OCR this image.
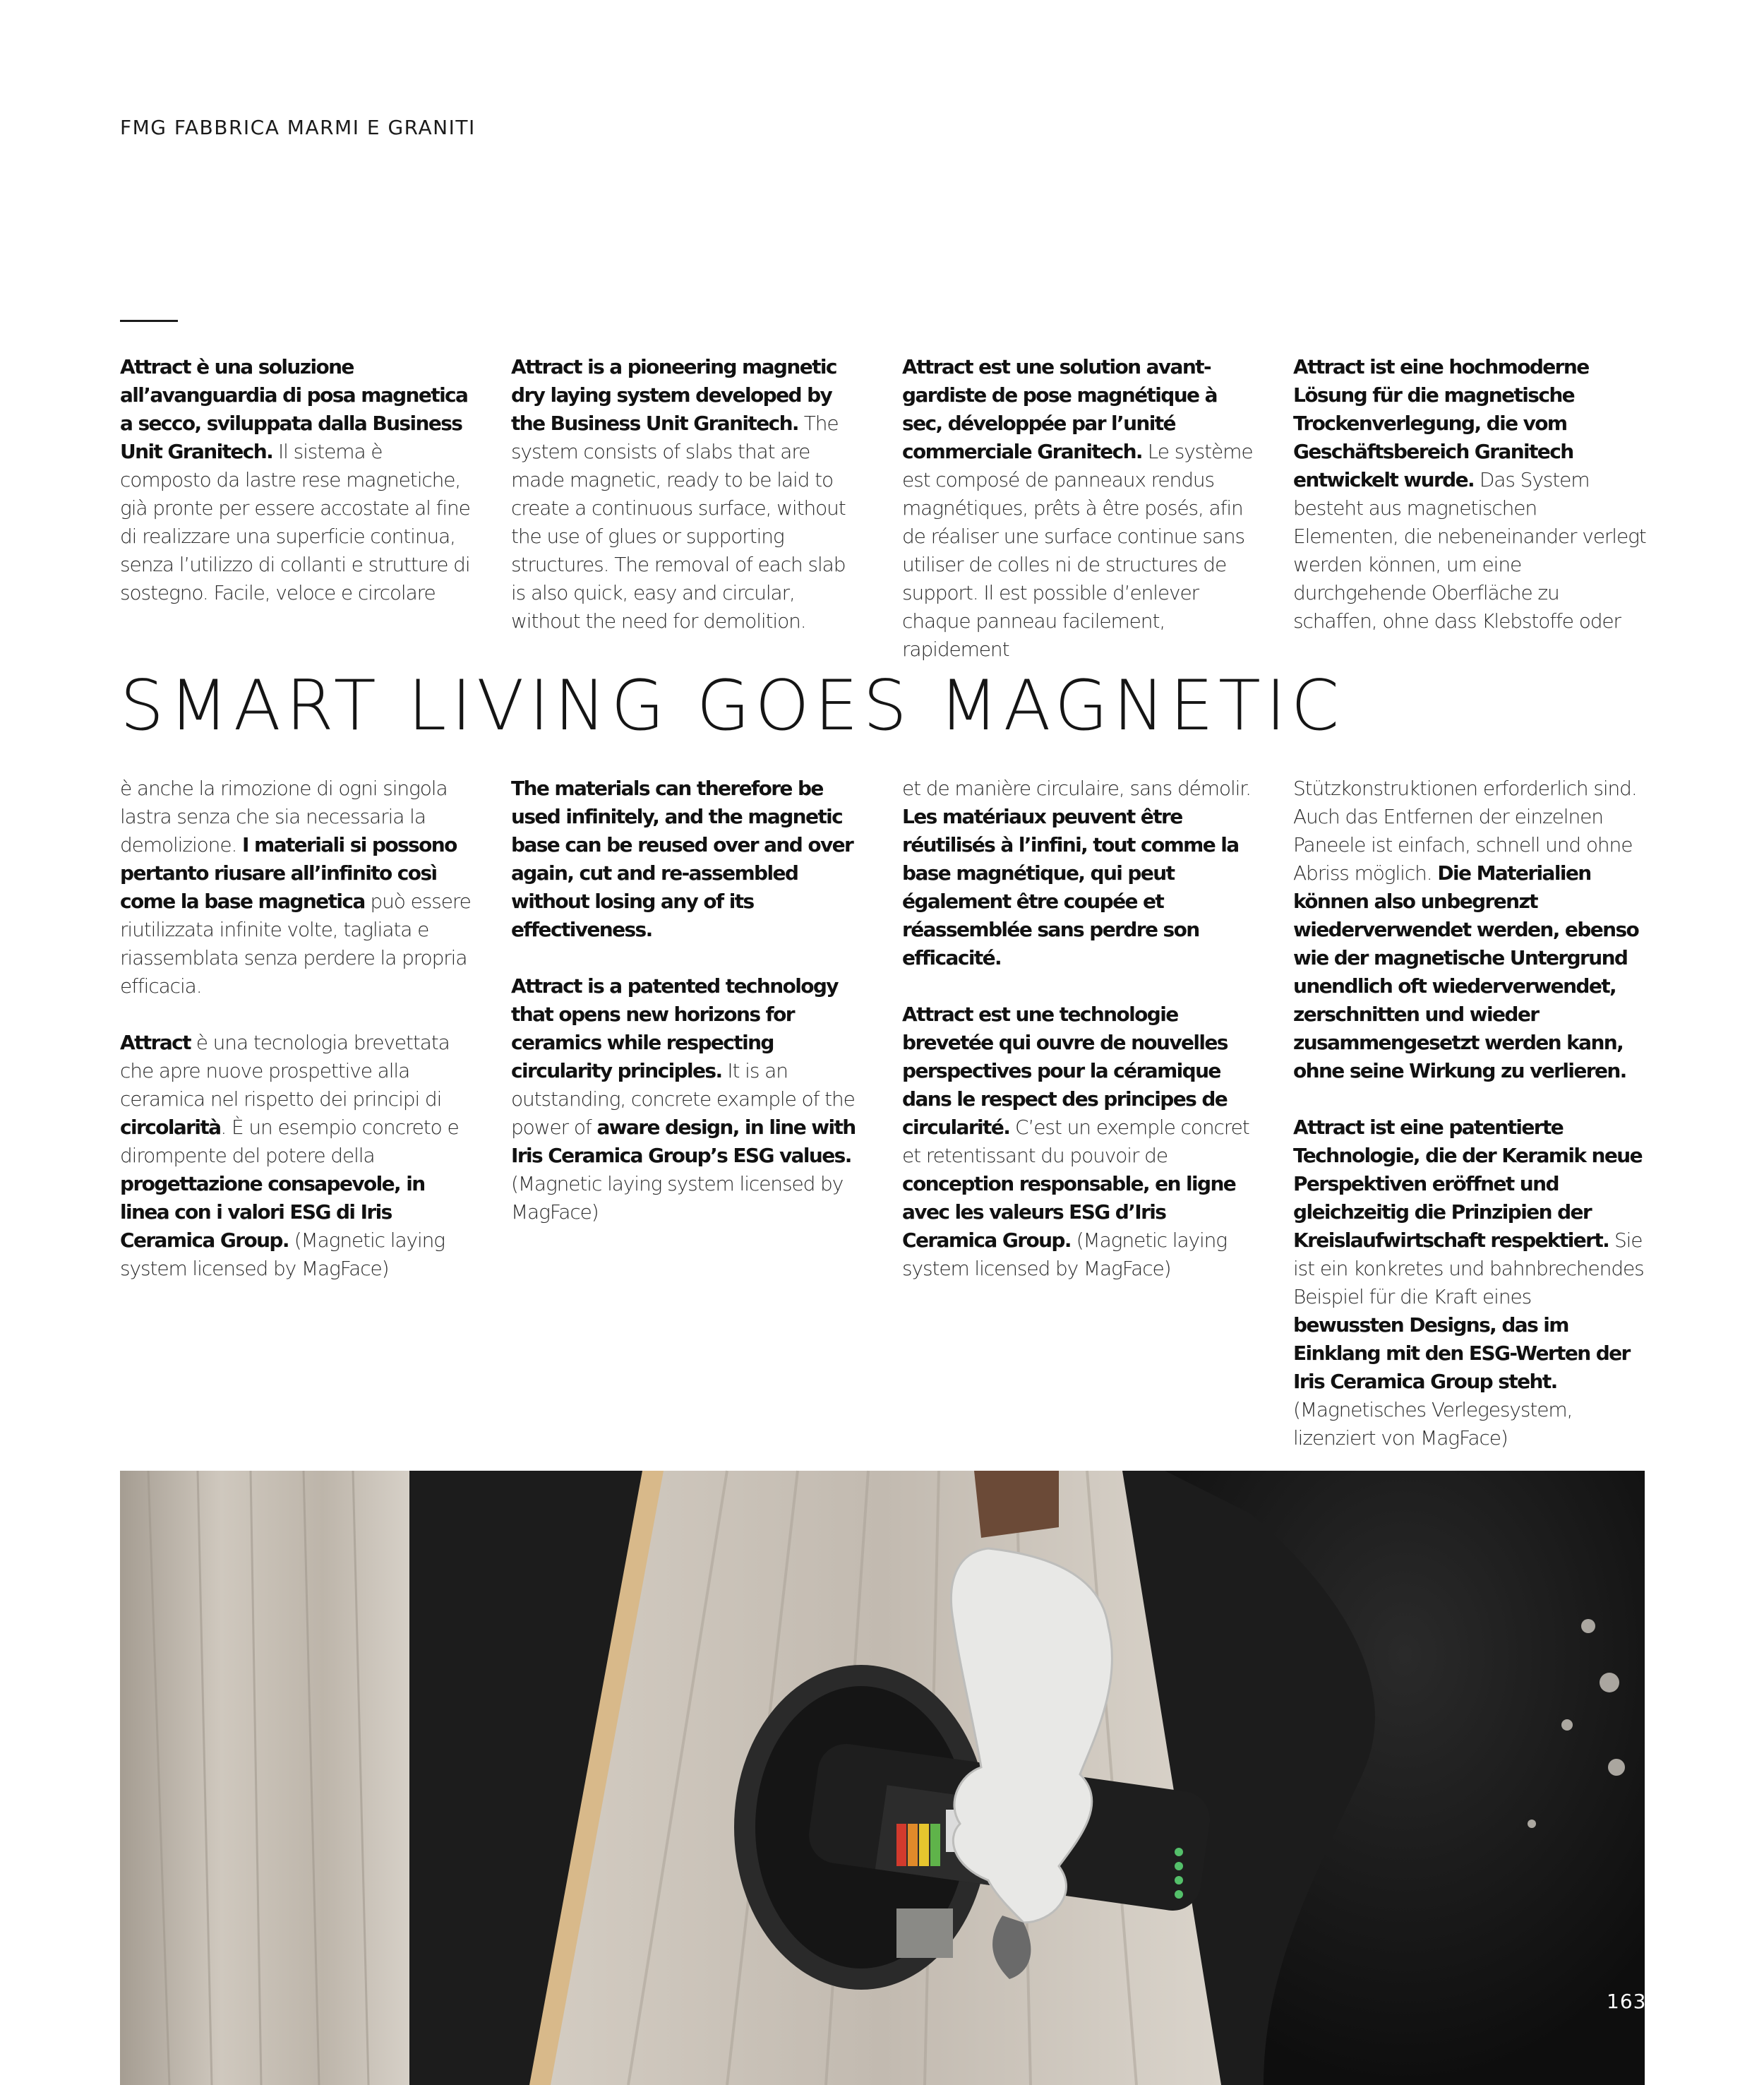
FMG FABBRICA MARMI E GRANITI

Attract è una soluzione all’avanguardia di posa magnetica a secco, sviluppata dalla Business Unit Granitech. Il sistema è composto da lastre rese magnetiche, già pronte per essere accostate al fine di realizzare una superficie continua, senza l’utilizzo di collanti e strutture di sostegno. Facile, veloce e circolare

Attract is a pioneering magnetic dry laying system developed by the Business Unit Granitech. The system consists of slabs that are made magnetic, ready to be laid to create a continuous surface, without the use of glues or supporting structures. The removal of each slab is also quick, easy and circular, without the need for demolition.

Attract est une solution avant-gardiste de pose magnétique à sec, développée par l’unité commerciale Granitech. Le système est composé de panneaux rendus magnétiques, prêts à être posés, afin de réaliser une surface continue sans utiliser de colles ni de structures de support. Il est possible d’enlever chaque panneau facilement, rapidement

Attract ist eine hochmoderne Lösung für die magnetische Trockenverlegung, die vom Geschäftsbereich Granitech entwickelt wurde. Das System besteht aus magnetischen Elementen, die nebeneinander verlegt werden können, um eine durchgehende Oberfläche zu schaffen, ohne dass Klebstoffe oder

SMART LIVING GOES MAGNETIC

è anche la rimozione di ogni singola lastra senza che sia necessaria la demolizione. I materiali si possono pertanto riusare all’infinito così come la base magnetica può essere riutilizzata infinite volte, tagliata e riassemblata senza perdere la propria efficacia.

Attract è una tecnologia brevettata che apre nuove prospettive alla ceramica nel rispetto dei principi di circolarità. È un esempio concreto e dirompente del potere della progettazione consapevole, in linea con i valori ESG di Iris Ceramica Group. (Magnetic laying system licensed by MagFace)

The materials can therefore be used infinitely, and the magnetic base can be reused over and over again, cut and re-assembled without losing any of its effectiveness.

Attract is a patented technology that opens new horizons for ceramics while respecting circularity principles. It is an outstanding, concrete example of the power of aware design, in line with Iris Ceramica Group’s ESG values. (Magnetic laying system licensed by MagFace)

et de manière circulaire, sans démolir. Les matériaux peuvent être réutilisés à l’infini, tout comme la base magnétique, qui peut également être coupée et réassemblée sans perdre son efficacité.

Attract est une technologie brevetée qui ouvre de nouvelles perspectives pour la céramique dans le respect des principes de circularité. C’est un exemple concret et retentissant du pouvoir de conception responsable, en ligne avec les valeurs ESG d’Iris Ceramica Group. (Magnetic laying system licensed by MagFace)

Stützkonstruktionen erforderlich sind. Auch das Entfernen der einzelnen Paneele ist einfach, schnell und ohne Abriss möglich. Die Materialien können also unbegrenzt wiederverwendet werden, ebenso wie der magnetische Untergrund unendlich oft wiederverwendet, zerschnitten und wieder zusammengesetzt werden kann, ohne seine Wirkung zu verlieren.

Attract ist eine patentierte Technologie, die der Keramik neue Perspektiven eröffnet und gleichzeitig die Prinzipien der Kreislaufwirtschaft respektiert. Sie ist ein konkretes und bahnbrechendes Beispiel für die Kraft eines bewussten Designs, das im Einklang mit den ESG-Werten der Iris Ceramica Group steht. (Magnetisches Verlegesystem, lizenziert von MagFace)

163
